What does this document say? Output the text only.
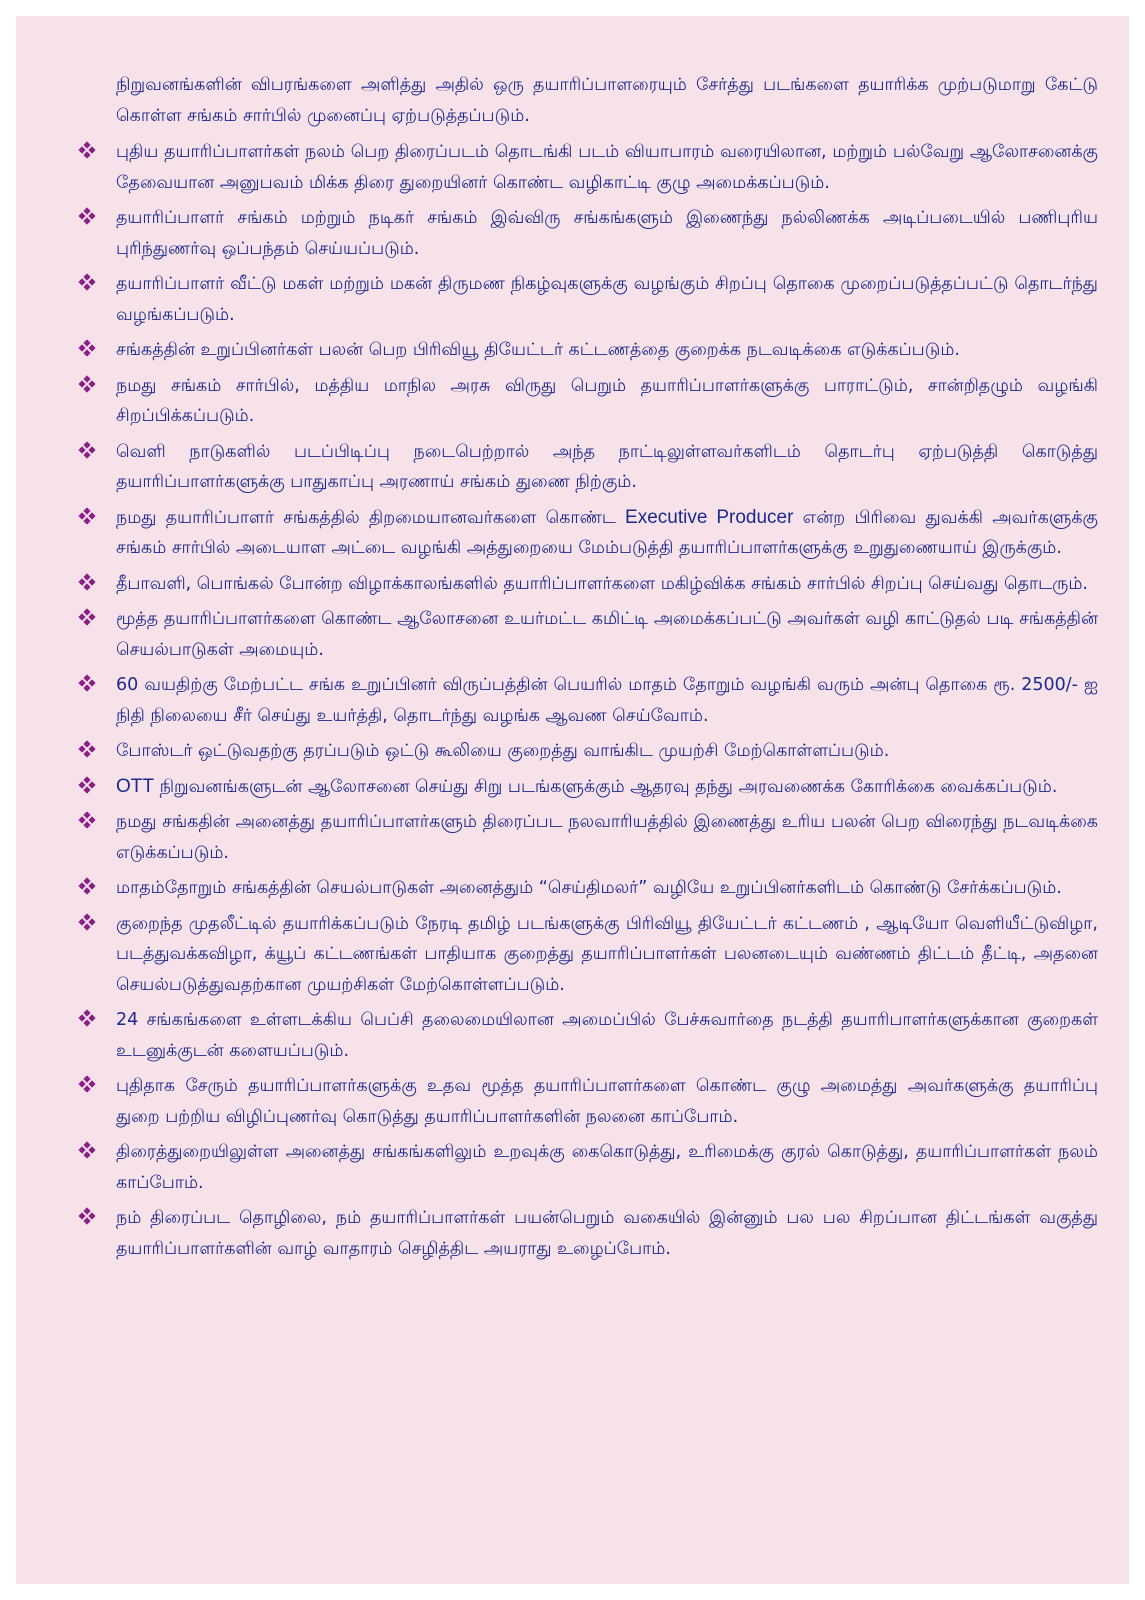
நிறுவனங்களின் விபரங்களை அளித்து அதில் ஒரு தயாரிப்பாளரையும் சேர்த்து படங்களை தயாரிக்க முற்படுமாறு கேட்டு கொள்ள சங்கம் சார்பில் முனைப்பு ஏற்படுத்தப்படும்.

புதிய தயாரிப்பாளர்கள் நலம் பெற திரைப்படம் தொடங்கி படம் வியாபாரம் வரையிலான, மற்றும் பல்வேறு ஆலோசனைக்கு தேவையான அனுபவம் மிக்க திரை துறையினர் கொண்ட வழிகாட்டி குழு அமைக்கப்படும்.
தயாரிப்பாளர் சங்கம் மற்றும் நடிகர் சங்கம் இவ்விரு சங்கங்களும் இணைந்து நல்லிணக்க அடிப்படையில் பணிபுரிய புரிந்துணர்வு ஒப்பந்தம் செய்யப்படும்.
தயாரிப்பாளர் வீட்டு மகள் மற்றும் மகன் திருமண நிகழ்வுகளுக்கு வழங்கும் சிறப்பு தொகை முறைப்படுத்தப்பட்டு தொடர்ந்து வழங்கப்படும்.
சங்கத்தின் உறுப்பினர்கள் பலன் பெற பிரிவியூ தியேட்டர் கட்டணத்தை குறைக்க நடவடிக்கை எடுக்கப்படும்.
நமது சங்கம் சார்பில், மத்திய மாநில அரசு விருது பெறும் தயாரிப்பாளர்களுக்கு பாராட்டும், சான்றிதழும் வழங்கி சிறப்பிக்கப்படும்.
வெளி நாடுகளில் படப்பிடிப்பு நடைபெற்றால் அந்த நாட்டிலுள்ளவர்களிடம் தொடர்பு ஏற்படுத்தி கொடுத்து தயாரிப்பாளர்களுக்கு பாதுகாப்பு அரணாய் சங்கம் துணை நிற்கும்.
நமது தயாரிப்பாளர் சங்கத்தில் திறமையானவர்களை கொண்ட Executive Producer என்ற பிரிவை துவக்கி அவர்களுக்கு சங்கம் சார்பில் அடையாள அட்டை வழங்கி அத்துறையை மேம்படுத்தி தயாரிப்பாளர்களுக்கு உறுதுணையாய் இருக்கும்.
தீபாவளி, பொங்கல் போன்ற விழாக்காலங்களில் தயாரிப்பாளர்களை மகிழ்விக்க சங்கம் சார்பில் சிறப்பு செய்வது தொடரும்.
மூத்த தயாரிப்பாளர்களை கொண்ட ஆலோசனை உயர்மட்ட கமிட்டி அமைக்கப்பட்டு அவர்கள் வழி காட்டுதல் படி சங்கத்தின் செயல்பாடுகள் அமையும்.
60 வயதிற்கு மேற்பட்ட சங்க உறுப்பினர் விருப்பத்தின் பெயரில் மாதம் தோறும் வழங்கி வரும் அன்பு தொகை ரூ. 2500/- ஐ நிதி நிலையை சீர் செய்து உயர்த்தி, தொடர்ந்து வழங்க ஆவண செய்வோம்.
போஸ்டர் ஒட்டுவதற்கு தரப்படும் ஒட்டு கூலியை குறைத்து வாங்கிட முயற்சி மேற்கொள்ளப்படும்.
OTT நிறுவனங்களுடன் ஆலோசனை செய்து சிறு படங்களுக்கும் ஆதரவு தந்து அரவணைக்க கோரிக்கை வைக்கப்படும்.
நமது சங்கதின் அனைத்து தயாரிப்பாளர்களும் திரைப்பட நலவாரியத்தில் இணைத்து உரிய பலன் பெற விரைந்து நடவடிக்கை எடுக்கப்படும்.
மாதம்தோறும் சங்கத்தின் செயல்பாடுகள் அனைத்தும் “செய்திமலர்” வழியே உறுப்பினர்களிடம் கொண்டு சேர்க்கப்படும்.
குறைந்த முதலீட்டில் தயாரிக்கப்படும் நேரடி தமிழ் படங்களுக்கு பிரிவியூ தியேட்டர் கட்டணம் , ஆடியோ வெளியீட்டுவிழா, படத்துவக்கவிழா, க்யூப் கட்டணங்கள் பாதியாக குறைத்து தயாரிப்பாளர்கள் பலனடையும் வண்ணம் திட்டம் தீட்டி, அதனை செயல்படுத்துவதற்கான முயற்சிகள் மேற்கொள்ளப்படும்.
24 சங்கங்களை உள்ளடக்கிய பெப்சி தலைமையிலான அமைப்பில் பேச்சுவார்தை நடத்தி தயாரிபாளர்களுக்கான குறைகள் உடனுக்குடன் களையப்படும்.
புதிதாக சேரும் தயாரிப்பாளர்களுக்கு உதவ மூத்த தயாரிப்பாளர்களை கொண்ட குழு அமைத்து அவர்களுக்கு தயாரிப்பு துறை பற்றிய விழிப்புணர்வு கொடுத்து தயாரிப்பாளர்களின் நலனை காப்போம்.
திரைத்துறையிலுள்ள அனைத்து சங்கங்களிலும் உறவுக்கு கைகொடுத்து, உரிமைக்கு குரல் கொடுத்து, தயாரிப்பாளர்கள் நலம் காப்போம்.
நம் திரைப்பட தொழிலை, நம் தயாரிப்பாளர்கள் பயன்பெறும் வகையில் இன்னும் பல பல சிறப்பான திட்டங்கள் வகுத்து தயாரிப்பாளர்களின் வாழ் வாதாரம் செழித்திட அயராது உழைப்போம்.
